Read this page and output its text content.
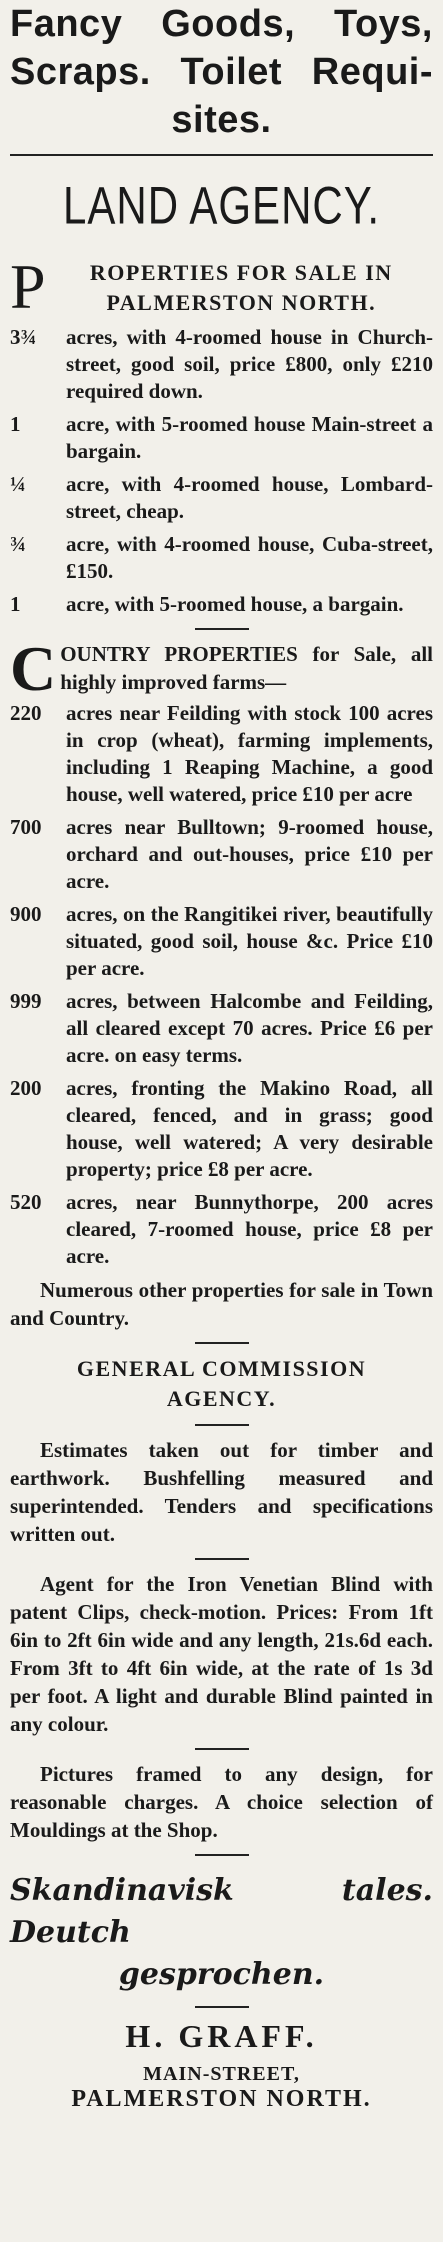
Fancy Goods, Toys,
Scraps. Toilet Requi-
sites.
LAND AGENCY.
P	ROPERTIES FOR SALE IN
PALMERSTON NORTH.
3¾ acres, with 4-roomed house in Church-street, good soil, price £800, only £210 required down.
1 acre, with 5-roomed house Main-street a bargain.
¼ acre, with 4-roomed house, Lombard-street, cheap.
¾ acre, with 4-roomed house, Cuba-street, £150.
1 acre, with 5-roomed house, a bargain.
COUNTRY PROPERTIES for Sale, all highly improved farms—
220 acres near Feilding with stock 100 acres in crop (wheat), farming implements, including 1 Reaping Machine, a good house, well watered, price £10 per acre
700 acres near Bulltown; 9-roomed house, orchard and out-houses, price £10 per acre.
900 acres, on the Rangitikei river, beautifully situated, good soil, house &c. Price £10 per acre.
999 acres, between Halcombe and Feilding, all cleared except 70 acres. Price £6 per acre. on easy terms.
200 acres, fronting the Makino Road, all cleared, fenced, and in grass; good house, well watered; A very desirable property; price £8 per acre.
520 acres, near Bunnythorpe, 200 acres cleared, 7-roomed house, price £8 per acre.
Numerous other properties for sale in Town and Country.
GENERAL COMMISSION
AGENCY.
Estimates taken out for timber and earthwork. Bushfelling measured and superintended. Tenders and specifications written out.
Agent for the Iron Venetian Blind with patent Clips, check-motion. Prices: From 1ft 6in to 2ft 6in wide and any length, 21s.6d each. From 3ft to 4ft 6in wide, at the rate of 1s 3d per foot. A light and durable Blind painted in any colour.
Pictures framed to any design, for reasonable charges. A choice selection of Mouldings at the Shop.
Skandinavisk tales. Deutch
gesprochen.
H. GRAFF.
MAIN-STREET,
PALMERSTON NORTH.
